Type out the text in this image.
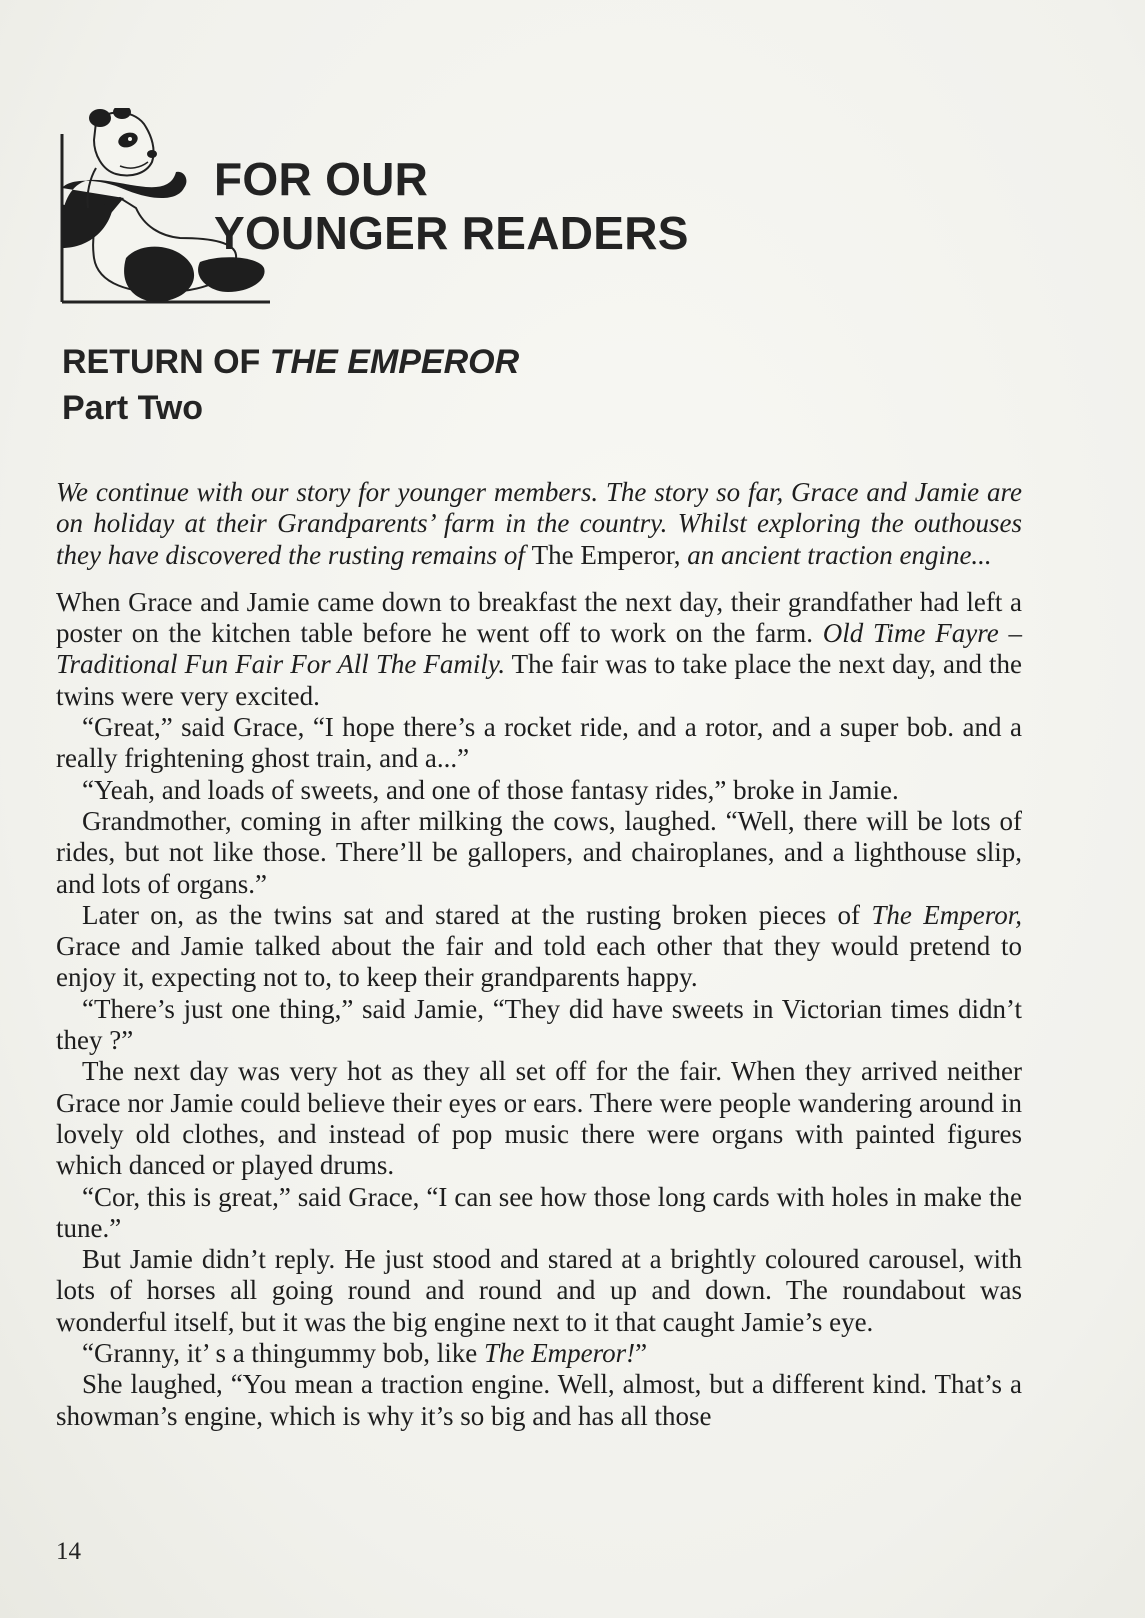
FOR OUR
YOUNGER READERS
RETURN OF THE EMPEROR
Part Two

We continue with our story for younger members. The story so far, Grace and Jamie are on holiday at their Grandparents’ farm in the country. Whilst exploring the outhouses they have discovered the rusting remains of The Emperor, an ancient traction engine...

When Grace and Jamie came down to breakfast the next day, their grandfather had left a poster on the kitchen table before he went off to work on the farm. Old Time Fayre – Traditional Fun Fair For All The Family. The fair was to take place the next day, and the twins were very excited.

“Great,” said Grace, “I hope there’s a rocket ride, and a rotor, and a super bob. and a really frightening ghost train, and a...”

“Yeah, and loads of sweets, and one of those fantasy rides,” broke in Jamie.

Grandmother, coming in after milking the cows, laughed. “Well, there will be lots of rides, but not like those. There’ll be gallopers, and chairoplanes, and a lighthouse slip, and lots of organs.”

Later on, as the twins sat and stared at the rusting broken pieces of The Emperor, Grace and Jamie talked about the fair and told each other that they would pretend to enjoy it, expecting not to, to keep their grandparents happy.

“There’s just one thing,” said Jamie, “They did have sweets in Victorian times didn’t they ?”

The next day was very hot as they all set off for the fair. When they arrived neither Grace nor Jamie could believe their eyes or ears. There were people wandering around in lovely old clothes, and instead of pop music there were organs with painted figures which danced or played drums.

“Cor, this is great,” said Grace, “I can see how those long cards with holes in make the tune.”

But Jamie didn’t reply. He just stood and stared at a brightly coloured carousel, with lots of horses all going round and round and up and down. The roundabout was wonderful itself, but it was the big engine next to it that caught Jamie’s eye.

“Granny, it’ s a thingummy bob, like The Emperor!”

She laughed, “You mean a traction engine. Well, almost, but a different kind. That’s a showman’s engine, which is why it’s so big and has all those

14
